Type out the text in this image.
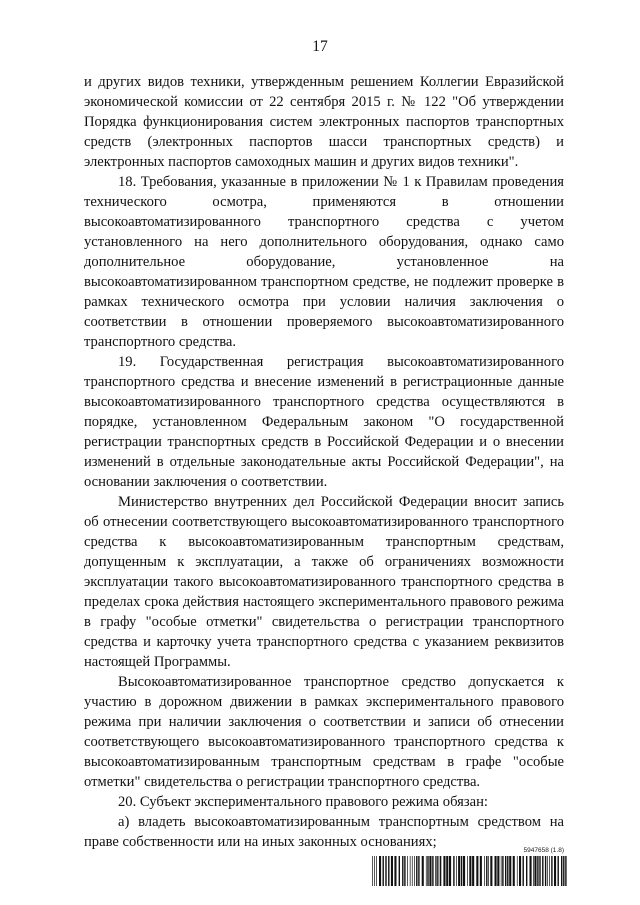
17

и других видов техники, утвержденным решением Коллегии Евразийской экономической комиссии от 22 сентября 2015 г. № 122 "Об утверждении Порядка функционирования систем электронных паспортов транспортных средств (электронных паспортов шасси транспортных средств) и электронных паспортов самоходных машин и других видов техники".

18. Требования, указанные в приложении № 1 к Правилам проведения технического осмотра, применяются в отношении высокоавтоматизированного транспортного средства с учетом установленного на него дополнительного оборудования, однако само дополнительное оборудование, установленное на высокоавтоматизированном транспортном средстве, не подлежит проверке в рамках технического осмотра при условии наличия заключения о соответствии в отношении проверяемого высокоавтоматизированного транспортного средства.

19. Государственная регистрация высокоавтоматизированного транспортного средства и внесение изменений в регистрационные данные высокоавтоматизированного транспортного средства осуществляются в порядке, установленном Федеральным законом "О государственной регистрации транспортных средств в Российской Федерации и о внесении изменений в отдельные законодательные акты Российской Федерации", на основании заключения о соответствии.

Министерство внутренних дел Российской Федерации вносит запись об отнесении соответствующего высокоавтоматизированного транспортного средства к высокоавтоматизированным транспортным средствам, допущенным к эксплуатации, а также об ограничениях возможности эксплуатации такого высокоавтоматизированного транспортного средства в пределах срока действия настоящего экспериментального правового режима в графу "особые отметки" свидетельства о регистрации транспортного средства и карточку учета транспортного средства с указанием реквизитов настоящей Программы.

Высокоавтоматизированное транспортное средство допускается к участию в дорожном движении в рамках экспериментального правового режима при наличии заключения о соответствии и записи об отнесении соответствующего высокоавтоматизированного транспортного средства к высокоавтоматизированным транспортным средствам в графе "особые отметки" свидетельства о регистрации транспортного средства.

20. Субъект экспериментального правового режима обязан:

а) владеть высокоавтоматизированным транспортным средством на праве собственности или на иных законных основаниях;

5947658 (1.8)
